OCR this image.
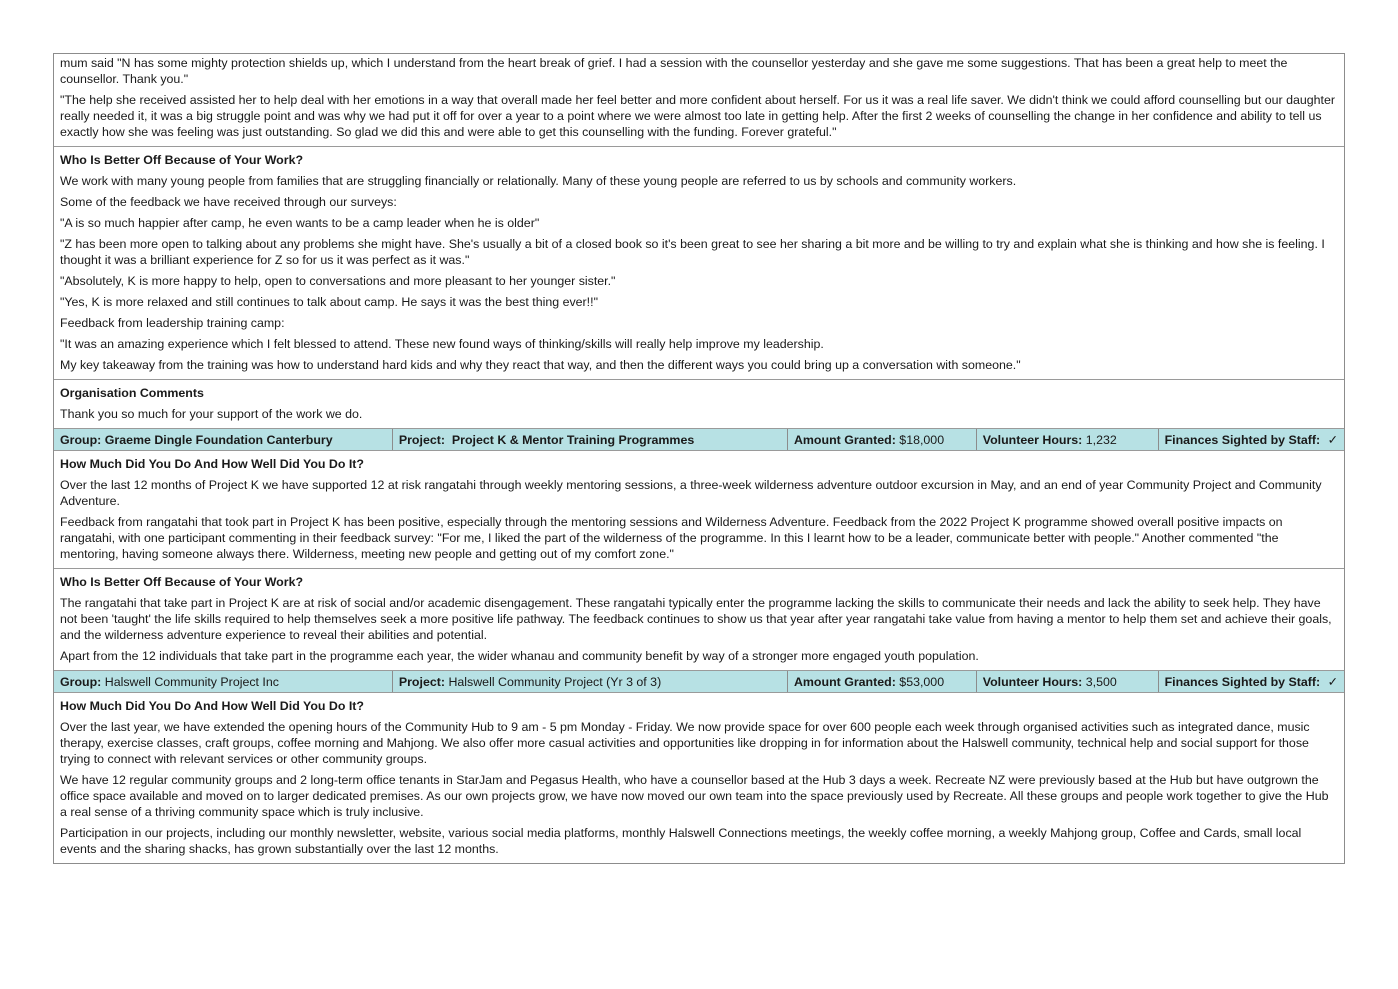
mum said "N has some mighty protection shields up, which I understand from the heart break of grief. I had a session with the counsellor yesterday and she gave me some suggestions. That has been a great help to meet the counsellor. Thank you."

"The help she received assisted her to help deal with her emotions in a way that overall made her feel better and more confident about herself. For us it was a real life saver. We didn't think we could afford counselling but our daughter really needed it, it was a big struggle point and was why we had put it off for over a year to a point where we were almost too late in getting help. After the first 2 weeks of counselling the change in her confidence and ability to tell us exactly how she was feeling was just outstanding. So glad we did this and were able to get this counselling with the funding. Forever grateful."

Who Is Better Off Because of Your Work?

We work with many young people from families that are struggling financially or relationally. Many of these young people are referred to us by schools and community workers.

Some of the feedback we have received through our surveys:

"A is so much happier after camp, he even wants to be a camp leader when he is older"

"Z has been more open to talking about any problems she might have. She's usually a bit of a closed book so it's been great to see her sharing a bit more and be willing to try and explain what she is thinking and how she is feeling. I thought it was a brilliant experience for Z so for us it was perfect as it was."

"Absolutely, K is more happy to help, open to conversations and more pleasant to her younger sister."

"Yes, K is more relaxed and still continues to talk about camp. He says it was the best thing ever!!"

Feedback from leadership training camp:

"It was an amazing experience which I felt blessed to attend. These new found ways of thinking/skills will really help improve my leadership.

My key takeaway from the training was how to understand hard kids and why they react that way, and then the different ways you could bring up a conversation with someone."

Organisation Comments

Thank you so much for your support of the work we do.

Group: Graeme Dingle Foundation Canterbury	Project: Project K & Mentor Training Programmes	Amount Granted: $18,000	Volunteer Hours: 1,232	Finances Sighted by Staff: ✓
How Much Did You Do And How Well Did You Do It?

Over the last 12 months of Project K we have supported 12 at risk rangatahi through weekly mentoring sessions, a three-week wilderness adventure outdoor excursion in May, and an end of year Community Project and Community Adventure.

Feedback from rangatahi that took part in Project K has been positive, especially through the mentoring sessions and Wilderness Adventure. Feedback from the 2022 Project K programme showed overall positive impacts on rangatahi, with one participant commenting in their feedback survey: "For me, I liked the part of the wilderness of the programme. In this I learnt how to be a leader, communicate better with people." Another commented "the mentoring, having someone always there. Wilderness, meeting new people and getting out of my comfort zone."

Who Is Better Off Because of Your Work?

The rangatahi that take part in Project K are at risk of social and/or academic disengagement. These rangatahi typically enter the programme lacking the skills to communicate their needs and lack the ability to seek help. They have not been 'taught' the life skills required to help themselves seek a more positive life pathway. The feedback continues to show us that year after year rangatahi take value from having a mentor to help them set and achieve their goals, and the wilderness adventure experience to reveal their abilities and potential.

Apart from the 12 individuals that take part in the programme each year, the wider whanau and community benefit by way of a stronger more engaged youth population.

Group: Halswell Community Project Inc	Project: Halswell Community Project (Yr 3 of 3)	Amount Granted: $53,000	Volunteer Hours: 3,500	Finances Sighted by Staff: ✓
How Much Did You Do And How Well Did You Do It?

Over the last year, we have extended the opening hours of the Community Hub to 9 am - 5 pm Monday - Friday. We now provide space for over 600 people each week through organised activities such as integrated dance, music therapy, exercise classes, craft groups, coffee morning and Mahjong. We also offer more casual activities and opportunities like dropping in for information about the Halswell community, technical help and social support for those trying to connect with relevant services or other community groups.

We have 12 regular community groups and 2 long-term office tenants in StarJam and Pegasus Health, who have a counsellor based at the Hub 3 days a week. Recreate NZ were previously based at the Hub but have outgrown the office space available and moved on to larger dedicated premises. As our own projects grow, we have now moved our own team into the space previously used by Recreate. All these groups and people work together to give the Hub a real sense of a thriving community space which is truly inclusive.

Participation in our projects, including our monthly newsletter, website, various social media platforms, monthly Halswell Connections meetings, the weekly coffee morning, a weekly Mahjong group, Coffee and Cards, small local events and the sharing shacks, has grown substantially over the last 12 months.
